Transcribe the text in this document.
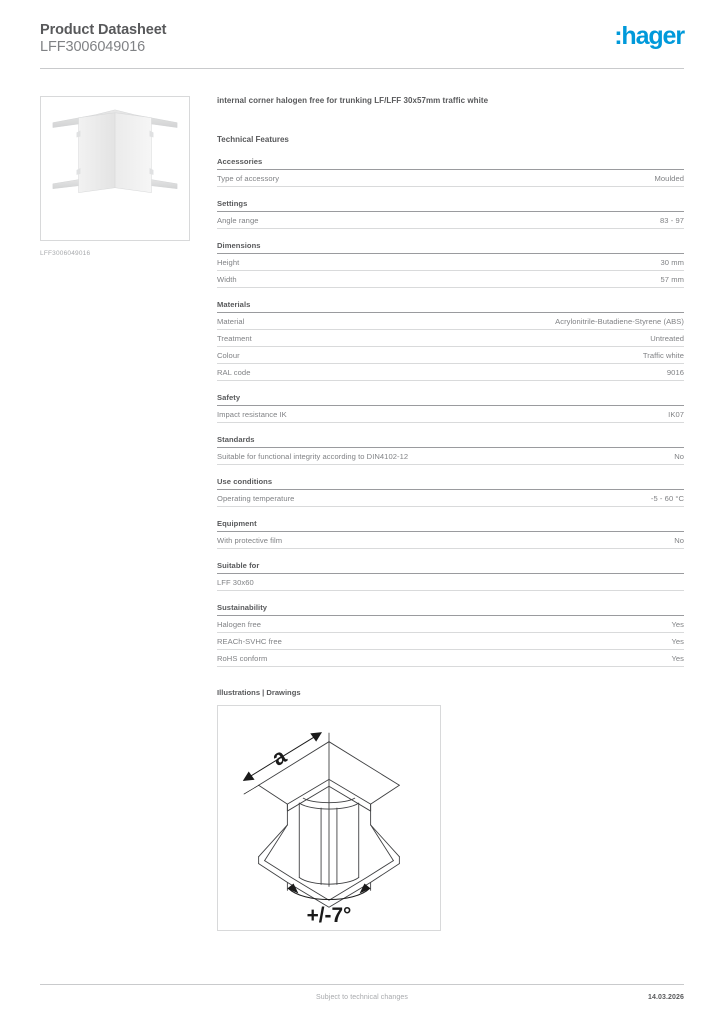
Product Datasheet
LFF3006049016	:hager
LFF3006049016
internal corner halogen free for trunking LF/LFF 30x57mm traffic white
Technical Features
Accessories
Type of accessory	Moulded
Settings
Angle range	83 - 97
Dimensions
Height	30 mm
Width	57 mm
Materials
Material	Acrylonitrile-Butadiene-Styrene (ABS)
Treatment	Untreated
Colour	Traffic white
RAL code	9016
Safety
Impact resistance IK	IK07
Standards
Suitable for functional integrity according to DIN4102-12	No
Use conditions
Operating temperature	-5 - 60 °C
Equipment
With protective film	No
Suitable for
LFF 30x60
Sustainability
Halogen free	Yes
REACh-SVHC free	Yes
RoHS conform	Yes
Illustrations | Drawings
a
+/-7°
Subject to technical changes	14.03.2026
